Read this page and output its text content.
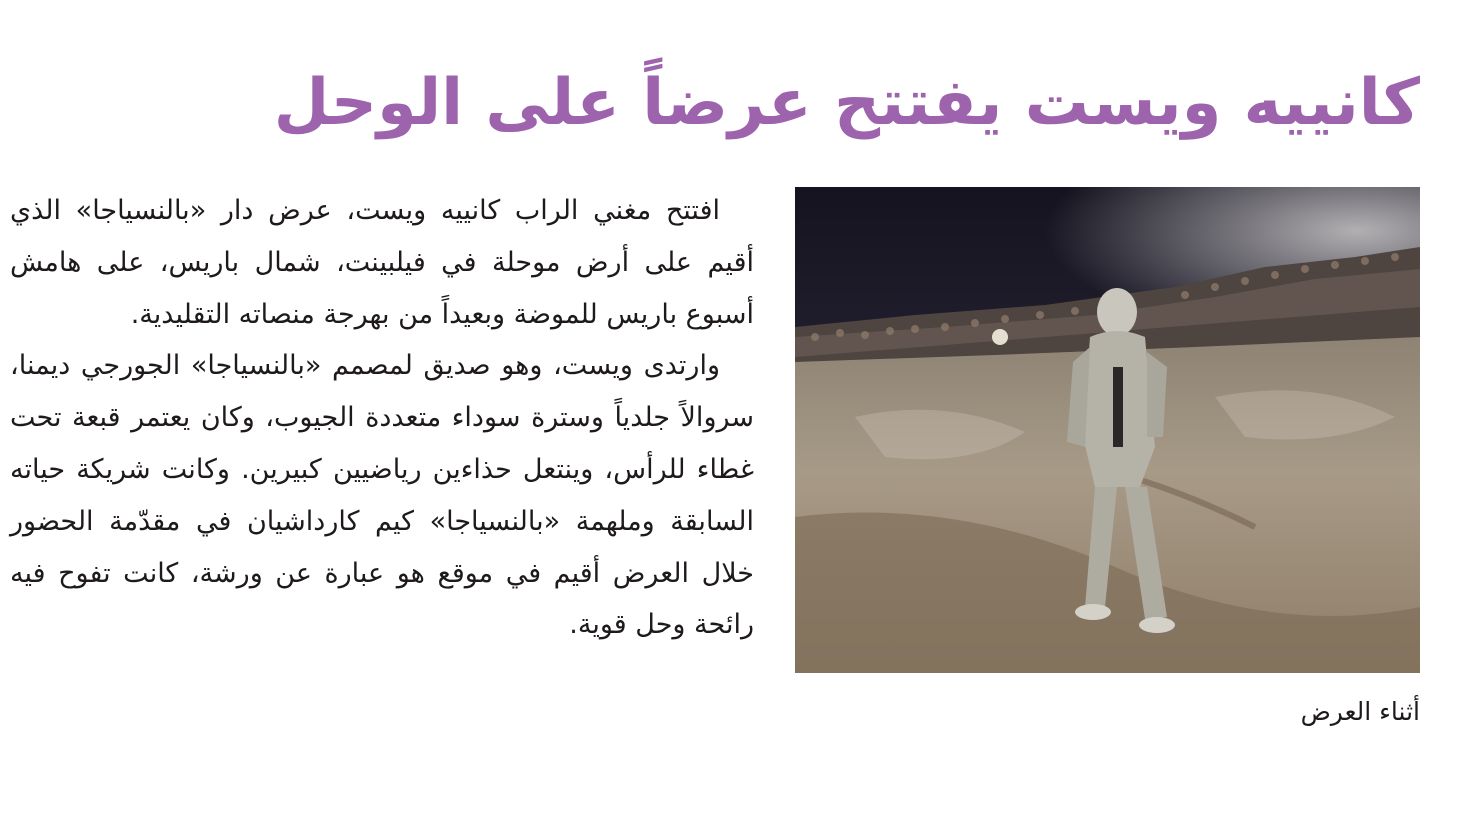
كانييه ويست يفتتح عرضاً على الوحل
أثناء العرض

افتتح مغني الراب كانييه ويست، عرض دار «بالنسياجا» الذي أقيم على أرض موحلة في فيلبينت، شمال باريس، على هامش أسبوع باريس للموضة وبعيداً من بهرجة منصاته التقليدية.

وارتدى ويست، وهو صديق لمصمم «بالنسياجا» الجورجي ديمنا، سروالاً جلدياً وسترة سوداء متعددة الجيوب، وكان يعتمر قبعة تحت غطاء للرأس، وينتعل حذاءين رياضيين كبيرين. وكانت شريكة حياته السابقة وملهمة «بالنسياجا» كيم كارداشيان في مقدّمة الحضور خلال العرض أقيم في موقع هو عبارة عن ورشة، كانت تفوح فيه رائحة وحل قوية.
